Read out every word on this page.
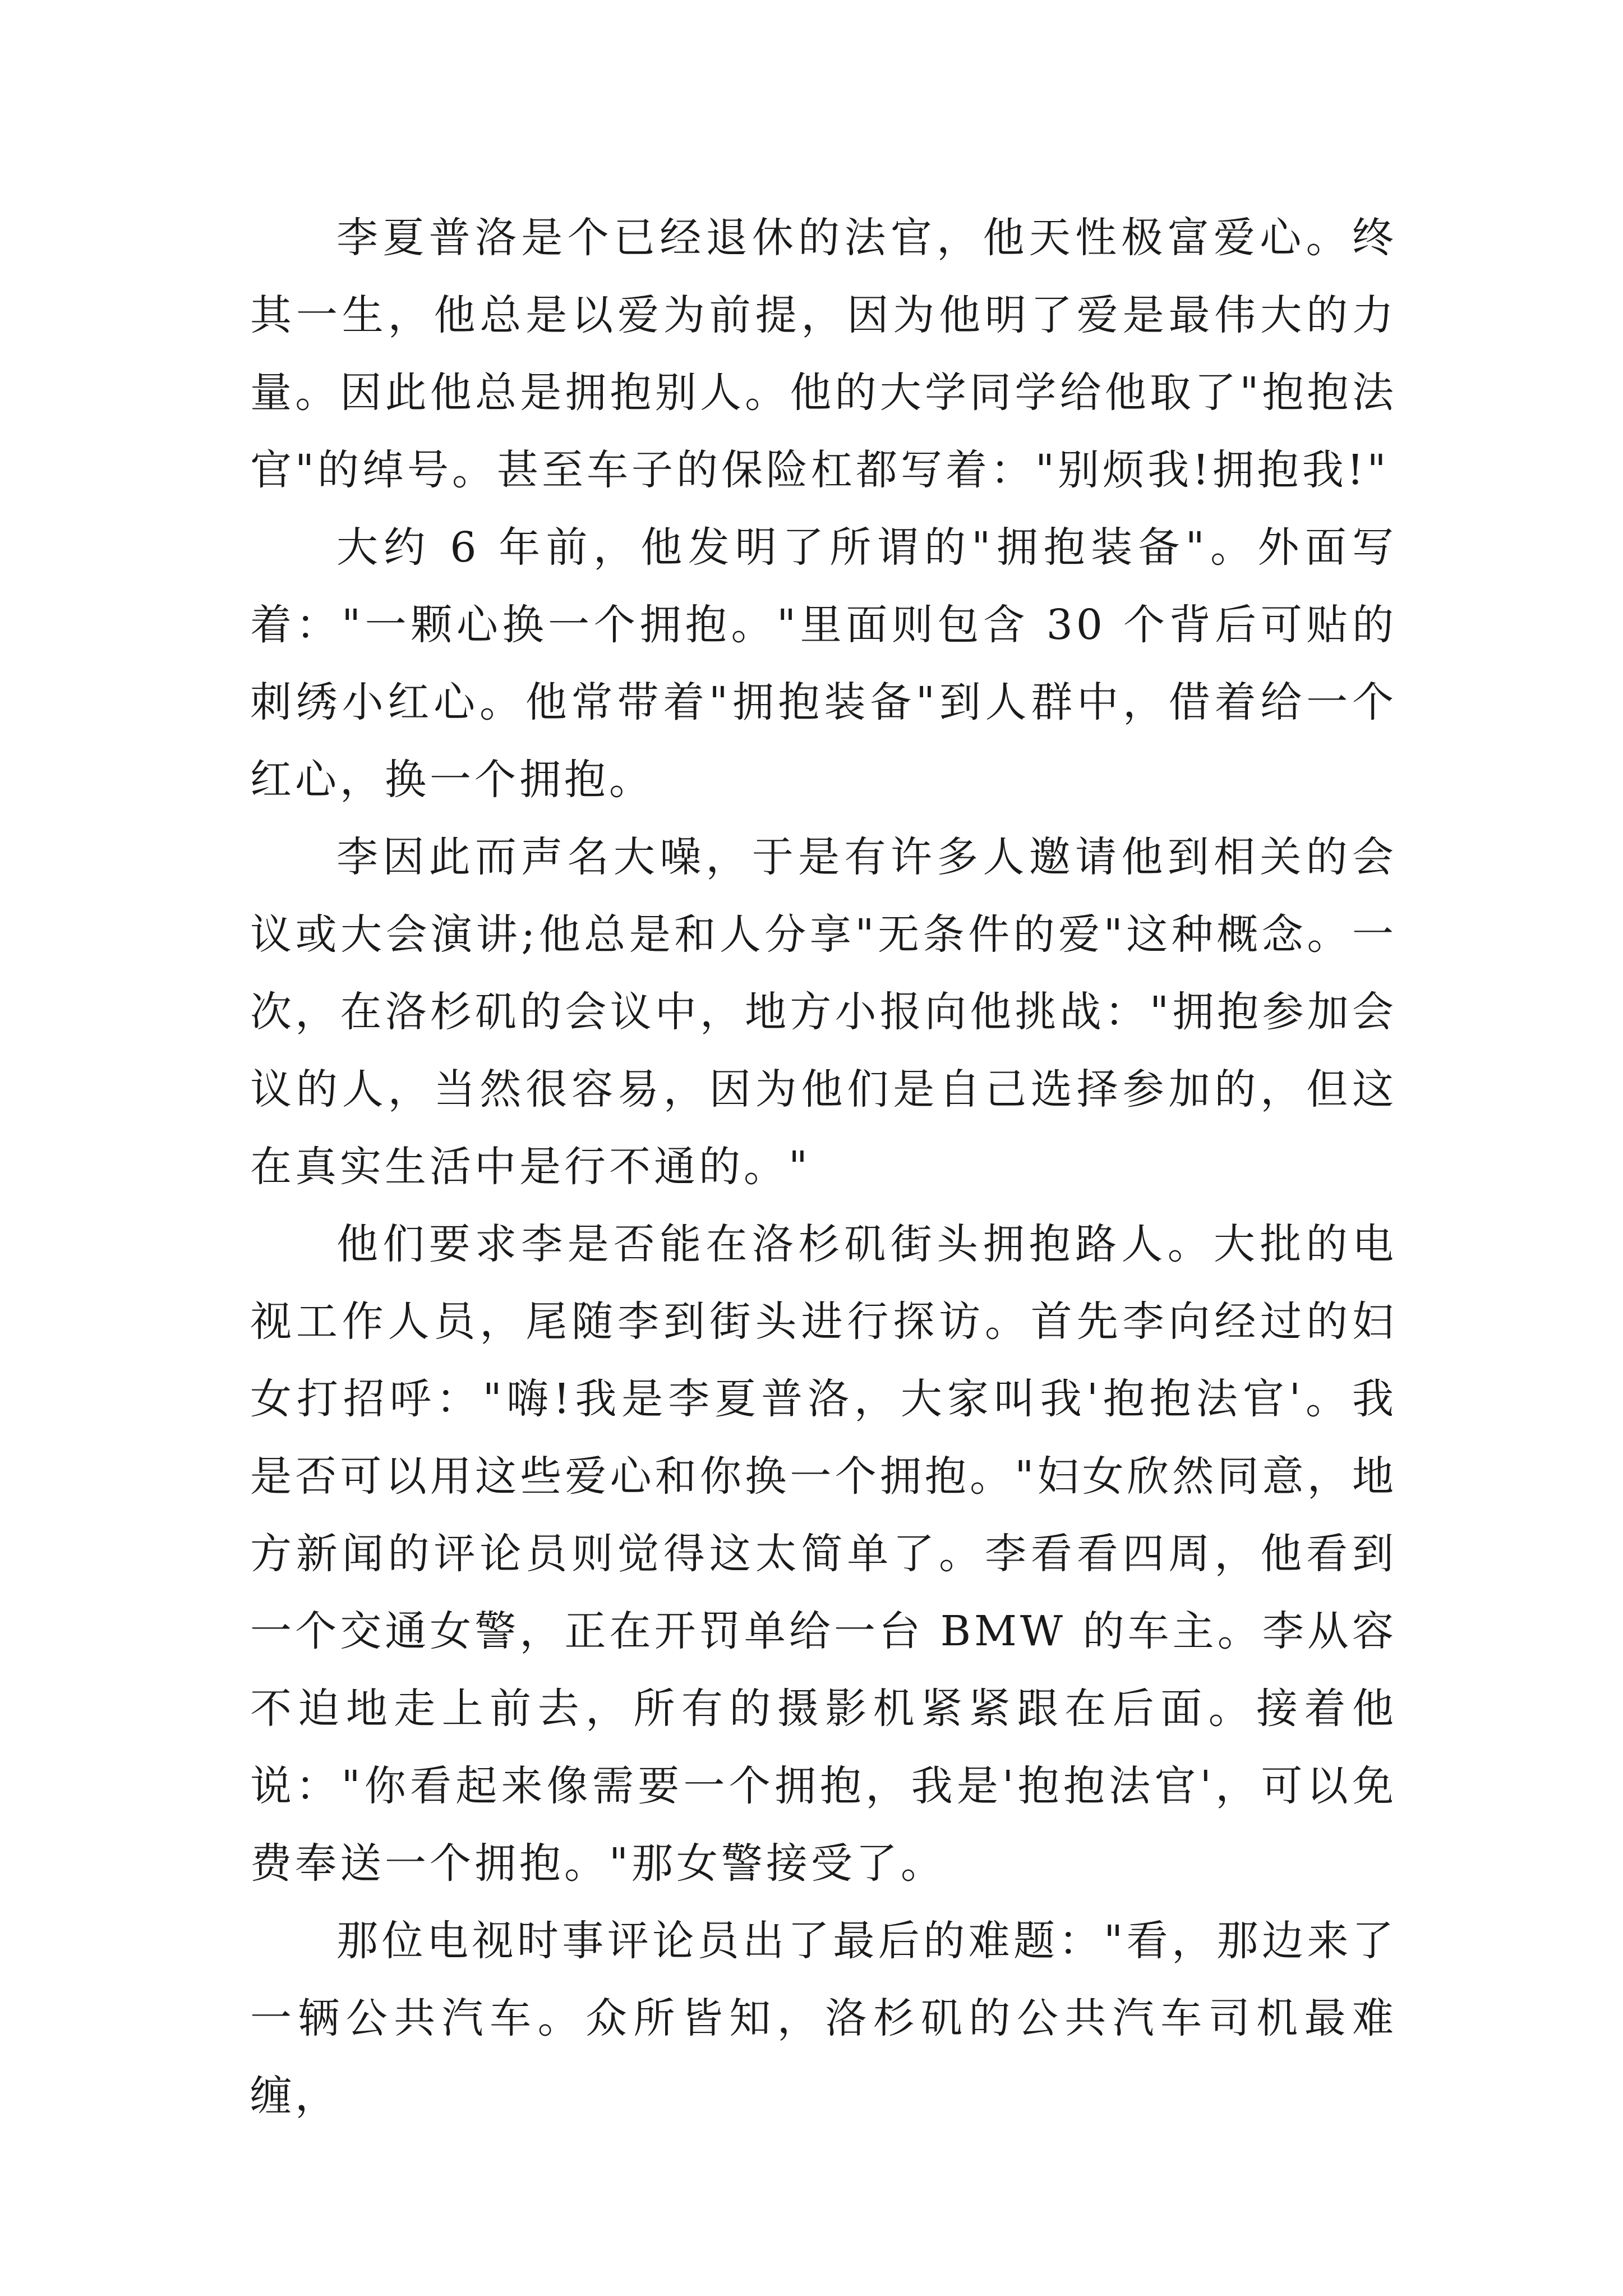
李夏普洛是个已经退休的法官，他天性极富爱心。终其一生，他总是以爱为前提，因为他明了爱是最伟大的力量。因此他总是拥抱别人。他的大学同学给他取了"抱抱法官"的绰号。甚至车子的保险杠都写着："别烦我!拥抱我!"

大约 6 年前，他发明了所谓的"拥抱装备"。外面写着："一颗心换一个拥抱。"里面则包含 30 个背后可贴的刺绣小红心。他常带着"拥抱装备"到人群中，借着给一个红心，换一个拥抱。

李因此而声名大噪，于是有许多人邀请他到相关的会议或大会演讲;他总是和人分享"无条件的爱"这种概念。一次，在洛杉矶的会议中，地方小报向他挑战："拥抱参加会议的人，当然很容易，因为他们是自己选择参加的，但这在真实生活中是行不通的。"

他们要求李是否能在洛杉矶街头拥抱路人。大批的电视工作人员，尾随李到街头进行探访。首先李向经过的妇女打招呼："嗨!我是李夏普洛，大家叫我'抱抱法官'。我是否可以用这些爱心和你换一个拥抱。"妇女欣然同意，地方新闻的评论员则觉得这太简单了。李看看四周，他看到一个交通女警，正在开罚单给一台 BMW 的车主。李从容不迫地走上前去，所有的摄影机紧紧跟在后面。接着他说："你看起来像需要一个拥抱，我是'抱抱法官'，可以免费奉送一个拥抱。"那女警接受了。

那位电视时事评论员出了最后的难题："看，那边来了一辆公共汽车。众所皆知，洛杉矶的公共汽车司机最难缠，
